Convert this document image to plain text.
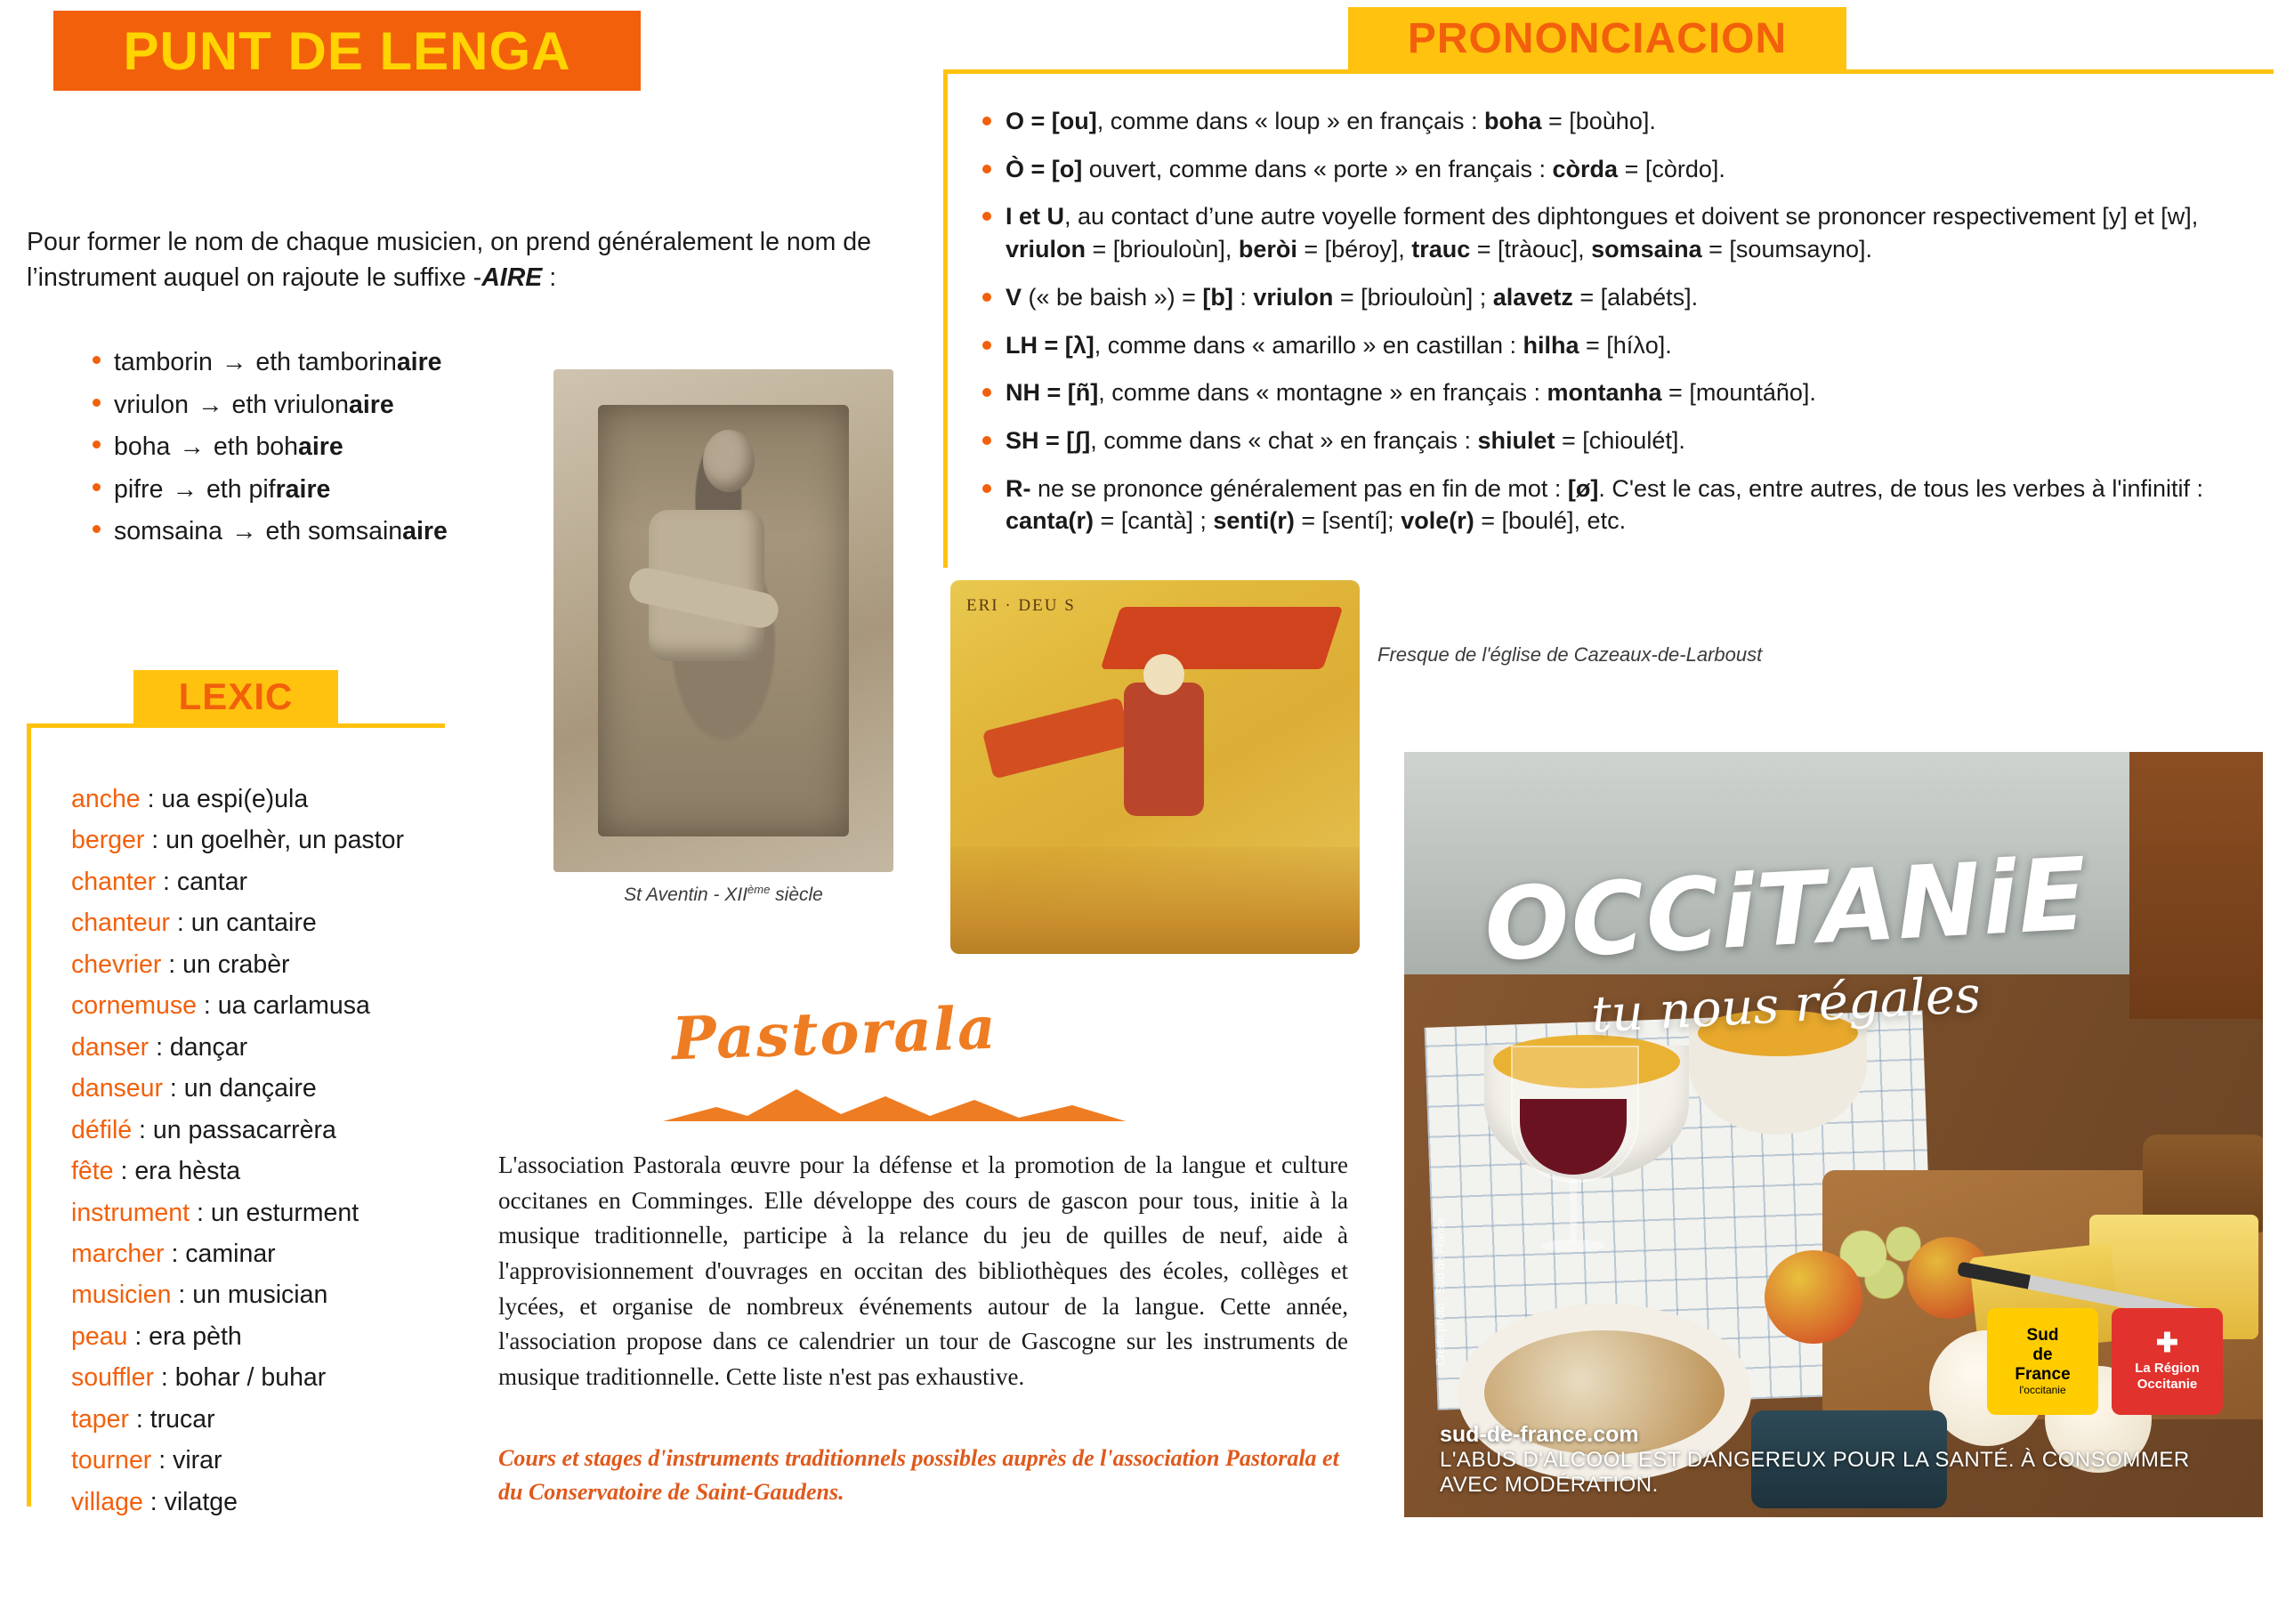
PUNT DE LENGA
Pour former le nom de chaque musicien, on prend généralement le nom de l’instrument auquel on rajoute le suffixe -AIRE :
tamborin → eth tamborinaire
vriulon → eth vriulonaire
boha → eth bohaire
pifre → eth pifraire
somsaina → eth somsainaire
LEXIC
anche : ua espi(e)ula
berger : un goelhèr, un pastor
chanter : cantar
chanteur : un cantaire
chevrier : un crabèr
cornemuse : ua carlamusa
danser : dançar
danseur : un dançaire
défilé : un passacarrèra
fête : era hèsta
instrument : un esturment
marcher : caminar
musicien : un musician
peau : era pèth
souffler : bohar / buhar
taper : trucar
tourner : virar
village : vilatge
St Aventin - XIIème siècle
ERI · DEU S
Fresque de l'église de Cazeaux-de-Larboust
Pastorala
L'association Pastorala œuvre pour la défense et la promotion de la langue et culture occitanes en Comminges. Elle développe des cours de gascon pour tous, initie à la musique traditionnelle, participe à la relance du jeu de quilles de neuf, aide à l'approvisionnement d'ouvrages en occitan des bibliothèques des écoles, collèges et lycées, et organise de nombreux événements autour de la langue. Cette année, l'association propose dans ce calendrier un tour de Gascogne sur les instruments de musique traditionnelle. Cette liste n'est pas exhaustive.
Cours et stages d'instruments traditionnels possibles auprès de l'association Pastorala et du Conservatoire de Saint-Gaudens.
PRONONCIACION
O = [ou], comme dans « loup » en français : boha = [boùho].
Ò = [o] ouvert, comme dans « porte » en français : còrda = [còrdo].
I et U, au contact d’une autre voyelle forment des diphtongues et doivent se prononcer respectivement [y] et [w], vriulon = [briouloùn], beròi = [béroy], trauc = [tràouc], somsaina = [soumsayno].
V (« be baish ») = [b] : vriulon = [briouloùn] ; alavetz = [alabéts].
LH = [λ], comme dans « amarillo » en castillan : hilha = [híλo].
NH = [ñ], comme dans « montagne » en français : montanha = [mountáño].
SH = [ʃ], comme dans « chat » en français : shiulet = [chioulét].
R- ne se prononce généralement pas en fin de mot : [ø]. C'est le cas, entre autres, de tous les verbes à l'infinitif : canta(r) = [cantà] ; senti(r) = [sentí]; vole(r) = [boulé], etc.
OCCiTANiE
tu nous régales
Crédit photo : Sud de France
sud-de-france.com
L'ABUS D'ALCOOL EST DANGEREUX POUR LA SANTÉ. À CONSOMMER AVEC MODÉRATION.
Sud
de
France
l'occitanie
✚
La Région
Occitanie
